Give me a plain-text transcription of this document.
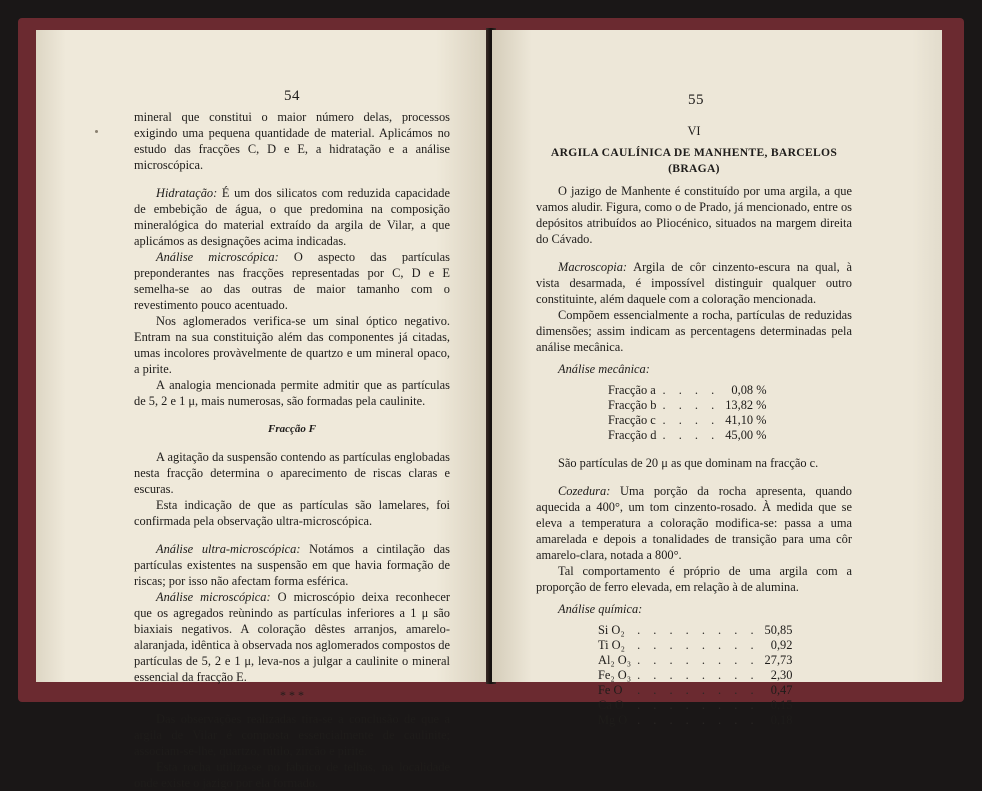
54

mineral que constitui o maior número delas, processos exigindo uma pequena quantidade de material. Aplicámos no estudo das fracções C, D e E, a hidratação e a análise microscópica.

Hidratação: É um dos silicatos com reduzida capacidade de embebição de água, o que predomina na composição mineralógica do material extraído da argila de Vilar, a que aplicámos as designações acima indicadas.

Análise microscópica: O aspecto das partículas preponderantes nas fracções representadas por C, D e E semelha-se ao das outras de maior tamanho com o revestimento pouco acentuado.

Nos aglomerados verifica-se um sinal óptico negativo. Entram na sua constituição além das componentes já citadas, umas incolores provàvelmente de quartzo e um mineral opaco, a pirite.

A analogia mencionada permite admitir que as partículas de 5, 2 e 1 μ, mais numerosas, são formadas pela caulinite.

Fracção F

A agitação da suspensão contendo as partículas englobadas nesta fracção determina o aparecimento de riscas claras e escuras.

Esta indicação de que as partículas são lamelares, foi confirmada pela observação ultra-microscópica.

Análise ultra-microscópica: Notámos a cintilação das partículas existentes na suspensão em que havia formação de riscas; por isso não afectam forma esférica.

Análise microscópica: O microscópio deixa reconhecer que os agregados reùnindo as partículas inferiores a 1 μ são biaxiais negativos. A coloração dêstes arranjos, amarelo-alaranjada, idêntica à observada nos aglomerados compostos de partículas de 5, 2 e 1 μ, leva-nos a julgar a caulinite o mineral essencial da fracção E.

* * *

Das observações realizadas tira-se a conclusão de que a argila de Vilar é composta essencialmente de caulinite; associam-se-lhe, quartzo, rútilo, zircão e pirite.

Esta rocha utiliza-se no fabrico de telhas, na localidade onde existe o jazigo por ela formado.

55

VI

ARGILA CAULÍNICA DE MANHENTE, BARCELOS (BRAGA)

O jazigo de Manhente é constituído por uma argila, a que vamos aludir. Figura, como o de Prado, já mencionado, entre os depósitos atribuídos ao Pliocénico, situados na margem direita do Cávado.

Macroscopia: Argila de côr cinzento-escura na qual, à vista desarmada, é impossível distinguir qualquer outro constituinte, além daquele com a coloração mencionada.

Compõem essencialmente a rocha, partículas de reduzidas dimensões; assim indicam as percentagens determinadas pela análise mecânica.

Análise mecânica:

Fracção a	. . . .	0,08 %
Fracção b	. . . .	13,82 %
Fracção c	. . . .	41,10 %
Fracção d	. . . .	45,00 %

São partículas de 20 μ as que dominam na fracção c.

Cozedura: Uma porção da rocha apresenta, quando aquecida a 400°, um tom cinzento-rosado. À medida que se eleva a temperatura a coloração modifica-se: passa a uma amarelada e depois a tonalidades de transição para uma côr amarelo-clara, notada a 800°.

Tal comportamento é próprio de uma argila com a proporção de ferro elevada, em relação à de alumina.

Análise química:

Si O₂	. . . . . . . .	50,85
Ti O₂	. . . . . . . .	0,92
Al₂ O₃	. . . . . . . .	27,73
Fe₂ O₃	. . . . . . . .	2,30
Fe O	. . . . . . . .	0,47
Ca O	. . . . . . . .	0,15
Mg O	. . . . . . . .	0,18
